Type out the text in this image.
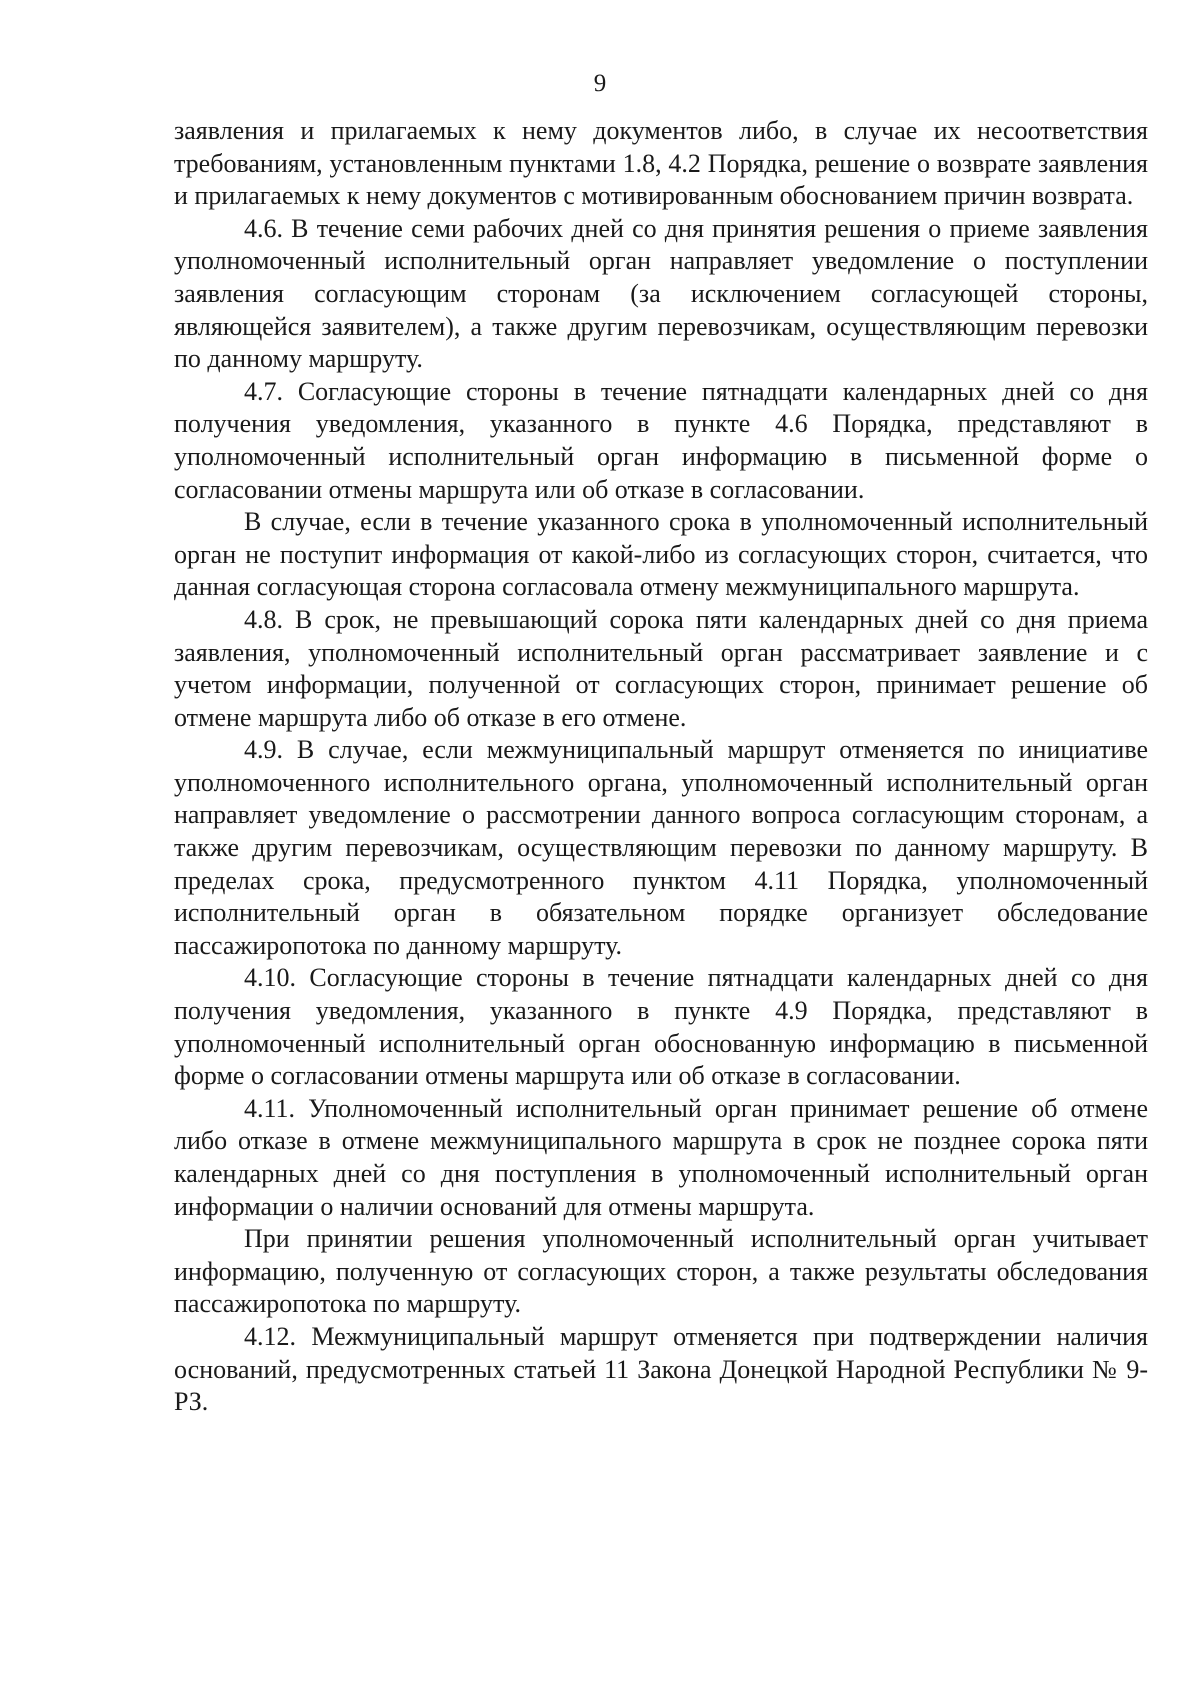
9

заявления и прилагаемых к нему документов либо, в случае их несоответствия требованиям, установленным пунктами 1.8, 4.2 Порядка, решение о возврате заявления и прилагаемых к нему документов с мотивированным обоснованием причин возврата.

4.6. В течение семи рабочих дней со дня принятия решения о приеме заявления уполномоченный исполнительный орган направляет уведомление о поступлении заявления согласующим сторонам (за исключением согласующей стороны, являющейся заявителем), а также другим перевозчикам, осуществляющим перевозки по данному маршруту.

4.7. Согласующие стороны в течение пятнадцати календарных дней со дня получения уведомления, указанного в пункте 4.6 Порядка, представляют в уполномоченный исполнительный орган информацию в письменной форме о согласовании отмены маршрута или об отказе в согласовании.

В случае, если в течение указанного срока в уполномоченный исполнительный орган не поступит информация от какой-либо из согласующих сторон, считается, что данная согласующая сторона согласовала отмену межмуниципального маршрута.

4.8. В срок, не превышающий сорока пяти календарных дней со дня приема заявления, уполномоченный исполнительный орган рассматривает заявление и с учетом информации, полученной от согласующих сторон, принимает решение об отмене маршрута либо об отказе в его отмене.

4.9. В случае, если межмуниципальный маршрут отменяется по инициативе уполномоченного исполнительного органа, уполномоченный исполнительный орган направляет уведомление о рассмотрении данного вопроса согласующим сторонам, а также другим перевозчикам, осуществляющим перевозки по данному маршруту. В пределах срока, предусмотренного пунктом 4.11 Порядка, уполномоченный исполнительный орган в обязательном порядке организует обследование пассажиропотока по данному маршруту.

4.10. Согласующие стороны в течение пятнадцати календарных дней со дня получения уведомления, указанного в пункте 4.9 Порядка, представляют в уполномоченный исполнительный орган обоснованную информацию в письменной форме о согласовании отмены маршрута или об отказе в согласовании.

4.11. Уполномоченный исполнительный орган принимает решение об отмене либо отказе в отмене межмуниципального маршрута в срок не позднее сорока пяти календарных дней со дня поступления в уполномоченный исполнительный орган информации о наличии оснований для отмены маршрута.

При принятии решения уполномоченный исполнительный орган учитывает информацию, полученную от согласующих сторон, а также результаты обследования пассажиропотока по маршруту.

4.12. Межмуниципальный маршрут отменяется при подтверждении наличия оснований, предусмотренных статьей 11 Закона Донецкой Народной Республики № 9-РЗ.
